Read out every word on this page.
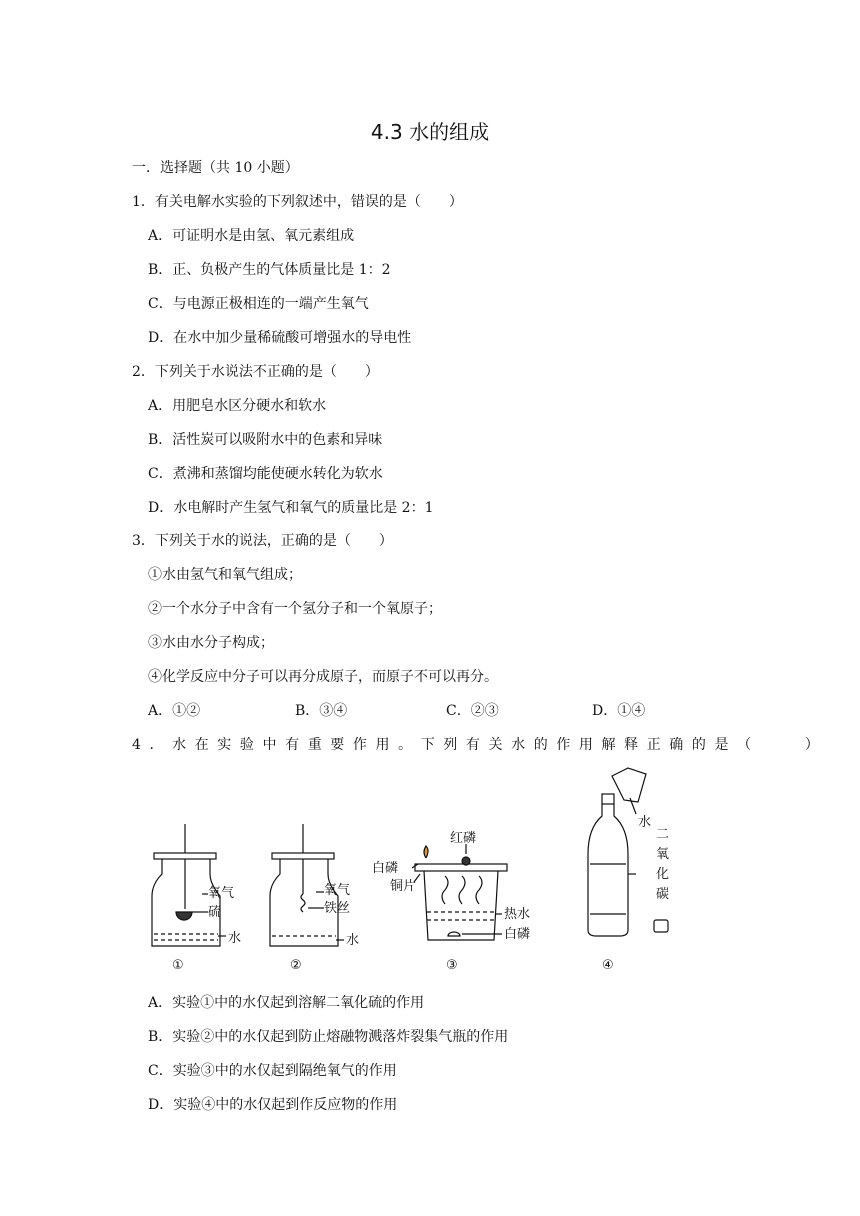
4.3 水的组成
一．选择题（共 10 小题）
1．有关电解水实验的下列叙述中，错误的是（　　）
A．可证明水是由氢、氧元素组成
B．正、负极产生的气体质量比是 1：2
C．与电源正极相连的一端产生氧气
D．在水中加少量稀硫酸可增强水的导电性
2．下列关于水说法不正确的是（　　）
A．用肥皂水区分硬水和软水
B．活性炭可以吸附水中的色素和异味
C．煮沸和蒸馏均能使硬水转化为软水
D．水电解时产生氢气和氧气的质量比是 2：1
3．下列关于水的说法，正确的是（　　）
①水由氢气和氧气组成；
②一个水分子中含有一个氢分子和一个氧原子；
③水由水分子构成；
④化学反应中分子可以再分成原子，而原子不可以再分。
A．①②	B．③④	C．②③	D．①④
4．水在实验中有重要作用。下列有关水的作用解释正确的是（　　）
氧气
硫
水
氧气
铁丝
水
红磷
白磷
铜片
热水
白磷
水
二
氧
化
碳
①	②	③	④
A．实验①中的水仅起到溶解二氧化硫的作用
B．实验②中的水仅起到防止熔融物溅落炸裂集气瓶的作用
C．实验③中的水仅起到隔绝氧气的作用
D．实验④中的水仅起到作反应物的作用
